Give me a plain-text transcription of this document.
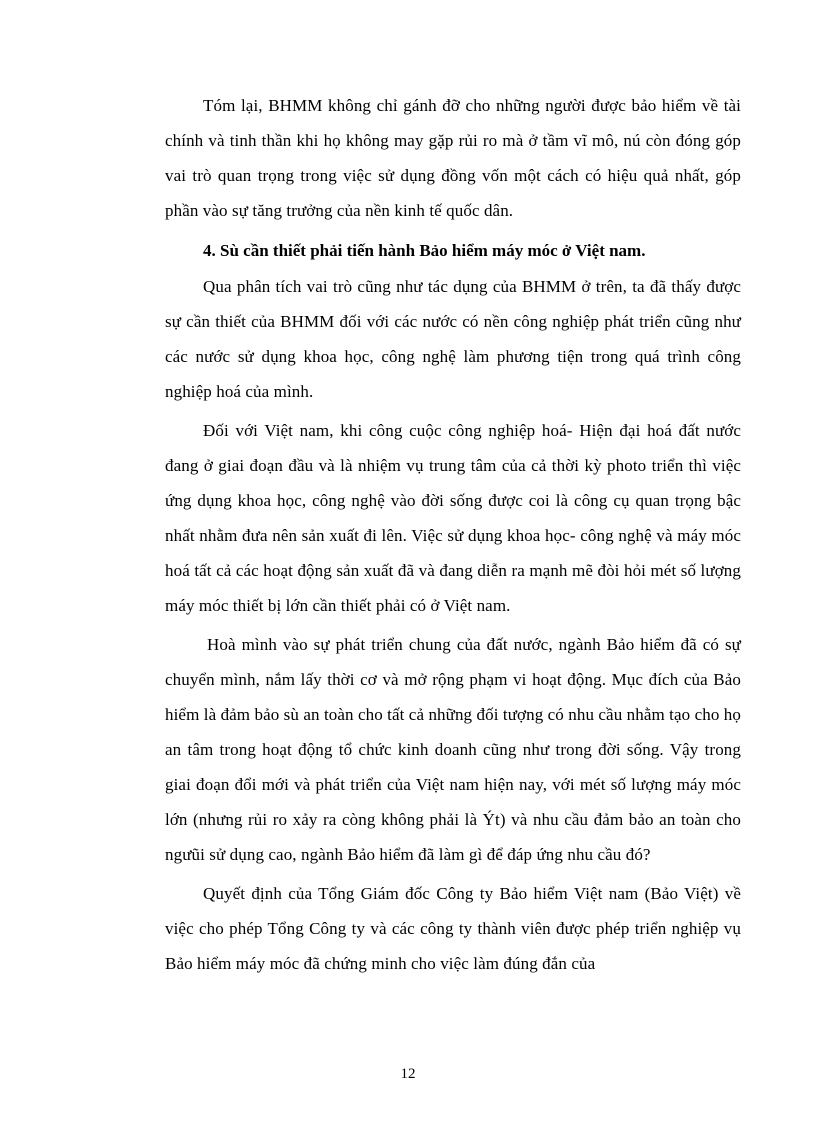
Tóm lại, BHMM không chỉ gánh đỡ cho những người được bảo hiểm về tài chính và tinh thần khi họ không may gặp rủi ro mà ở tầm vĩ mô, nú còn đóng góp vai trò quan trọng trong việc sử dụng đồng vốn một cách có hiệu quả nhất, góp phần vào sự tăng trưởng của nền kinh tế quốc dân.

4. Sù cần thiết phải tiến hành Bảo hiểm máy móc ở Việt nam.

Qua phân tích vai trò cũng như tác dụng của BHMM ở trên, ta đã thấy được sự cần thiết của BHMM đối với các nước có nền công nghiệp phát triển cũng như các nước sử dụng khoa học, công nghệ làm phương tiện trong quá trình công nghiệp hoá của mình.

Đối với Việt nam, khi công cuộc công nghiệp hoá- Hiện đại hoá đất nước đang ở giai đoạn đầu và là nhiệm vụ trung tâm của cả thời kỳ photo triển thì việc ứng dụng khoa học, công nghệ vào đời sống được coi là công cụ quan trọng bậc nhất nhằm đưa nên sản xuất đi lên. Việc sử dụng khoa học- công nghệ và máy móc hoá tất cả các hoạt động sản xuất đã và đang diễn ra mạnh mẽ đòi hỏi mét số lượng máy móc thiết bị lớn cần thiết phải có ở Việt nam.

Hoà mình vào sự phát triển chung của đất nước, ngành Bảo hiểm đã có sự chuyển mình, nắm lấy thời cơ và mở rộng phạm vi hoạt động. Mục đích của Bảo hiểm là đảm bảo sù an toàn cho tất cả những đối tượng có nhu cầu nhằm tạo cho họ an tâm trong hoạt động tổ chức kinh doanh cũng như trong đời sống. Vậy trong giai đoạn đổi mới và phát triển của Việt nam hiện nay, với mét số lượng máy móc lớn (nhưng rủi ro xảy ra còng không phải là Ýt) và nhu cầu đảm bảo an toàn cho ngưũi sử dụng cao, ngành Bảo hiểm đã làm gì để đáp ứng nhu cầu đó?

Quyết định của Tổng Giám đốc Công ty Bảo hiểm Việt nam (Bảo Việt) về việc cho phép Tổng Công ty và các công ty thành viên được phép triển nghiệp vụ Bảo hiểm máy móc đã chứng minh cho việc làm đúng đắn của

12
